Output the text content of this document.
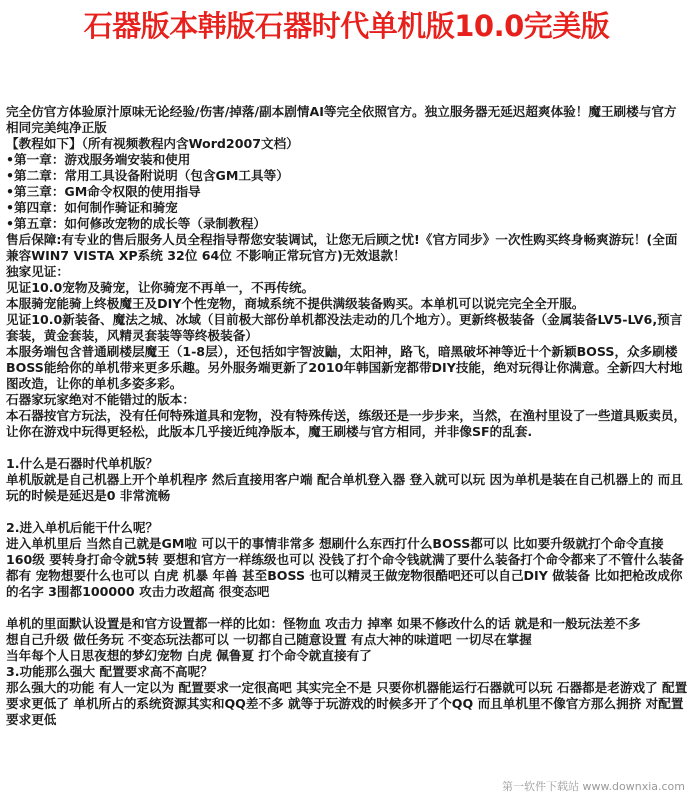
石器版本韩版石器时代单机版10.0完美版

完全仿官方体验原汁原味无论经验/伤害/掉落/副本剧情AI等完全依照官方。独立服务器无延迟超爽体验！魔王刷楼与官方相同完美纯净正版

【教程如下】（所有视频教程内含Word2007文档）

•第一章：游戏服务端安装和使用

•第二章：常用工具设备附说明（包含GM工具等）

•第三章：GM命令权限的使用指导

•第四章：如何制作骑证和骑宠

•第五章：如何修改宠物的成长等（录制教程）

售后保障:有专业的售后服务人员全程指导帮您安装调试，让您无后顾之忧!《官方同步》一次性购买终身畅爽游玩！(全面兼容WIN7 VISTA XP系统 32位 64位 不影响正常玩官方)无效退款！

独家见证：

见证10.0宠物及骑宠，让你骑宠不再单一，不再传统。

本服骑宠能骑上终极魔王及DIY个性宠物，商城系统不提供满级装备购买。本单机可以说完完全全开服。

见证10.0新装备、魔法之城、冰域（目前极大部份单机都没法走动的几个地方）。更新终极装备（金属装备LV5-LV6,预言套装，黄金套装，风精灵套装等等终极装备）

本服务端包含普通刷楼层魔王（1-8层），还包括如宇智波鼬，太阳神，路飞，暗黑破坏神等近十个新颖BOSS，众多刷楼BOSS能给你的单机带来更多乐趣。另外服务端更新了2010年韩国新宠都带DIY技能，绝对玩得让你满意。全新四大村地图改造，让你的单机多姿多彩。

石器家玩家绝对不能错过的版本：

本石器按官方玩法，没有任何特殊道具和宠物，没有特殊传送，练级还是一步步来，当然，在渔村里设了一些道具贩卖员，让你在游戏中玩得更轻松，此版本几乎接近纯净版本，魔王刷楼与官方相同，并非像SF的乱套.

1.什么是石器时代单机版？

单机版就是自己机器上开个单机程序 然后直接用客户端 配合单机登入器 登入就可以玩 因为单机是装在自己机器上的 而且玩的时候是延迟是0 非常流畅

2.进入单机后能干什么呢？

进入单机里后 当然自己就是GM啦 可以干的事情非常多 想刷什么东西打什么BOSS都可以 比如要升级就打个命令直接160级 要转身打命令就5转 要想和官方一样练级也可以 没钱了打个命令钱就满了要什么装备打个命令都来了不管什么装备都有 宠物想要什么也可以 白虎 机暴 年兽 甚至BOSS 也可以精灵王做宠物很酷吧还可以自己DIY 做装备 比如把枪改成你的名字 3围都100000 攻击力改超高 很变态吧

单机的里面默认设置是和官方设置都一样的比如：怪物血 攻击力 掉率 如果不修改什么的话 就是和一般玩法差不多

想自己升级 做任务玩 不变态玩法都可以 一切都自己随意设置 有点大神的味道吧 一切尽在掌握

当年每个人日思夜想的梦幻宠物 白虎 佩鲁夏 打个命令就直接有了

3.功能那么强大 配置要求高不高呢？

那么强大的功能 有人一定以为 配置要求一定很高吧 其实完全不是 只要你机器能运行石器就可以玩 石器都是老游戏了 配置要求更低了 单机所占的系统资源其实和QQ差不多 就等于玩游戏的时候多开了个QQ 而且单机里不像官方那么拥挤 对配置要求更低

第一软件下载站 www.downxia.com
